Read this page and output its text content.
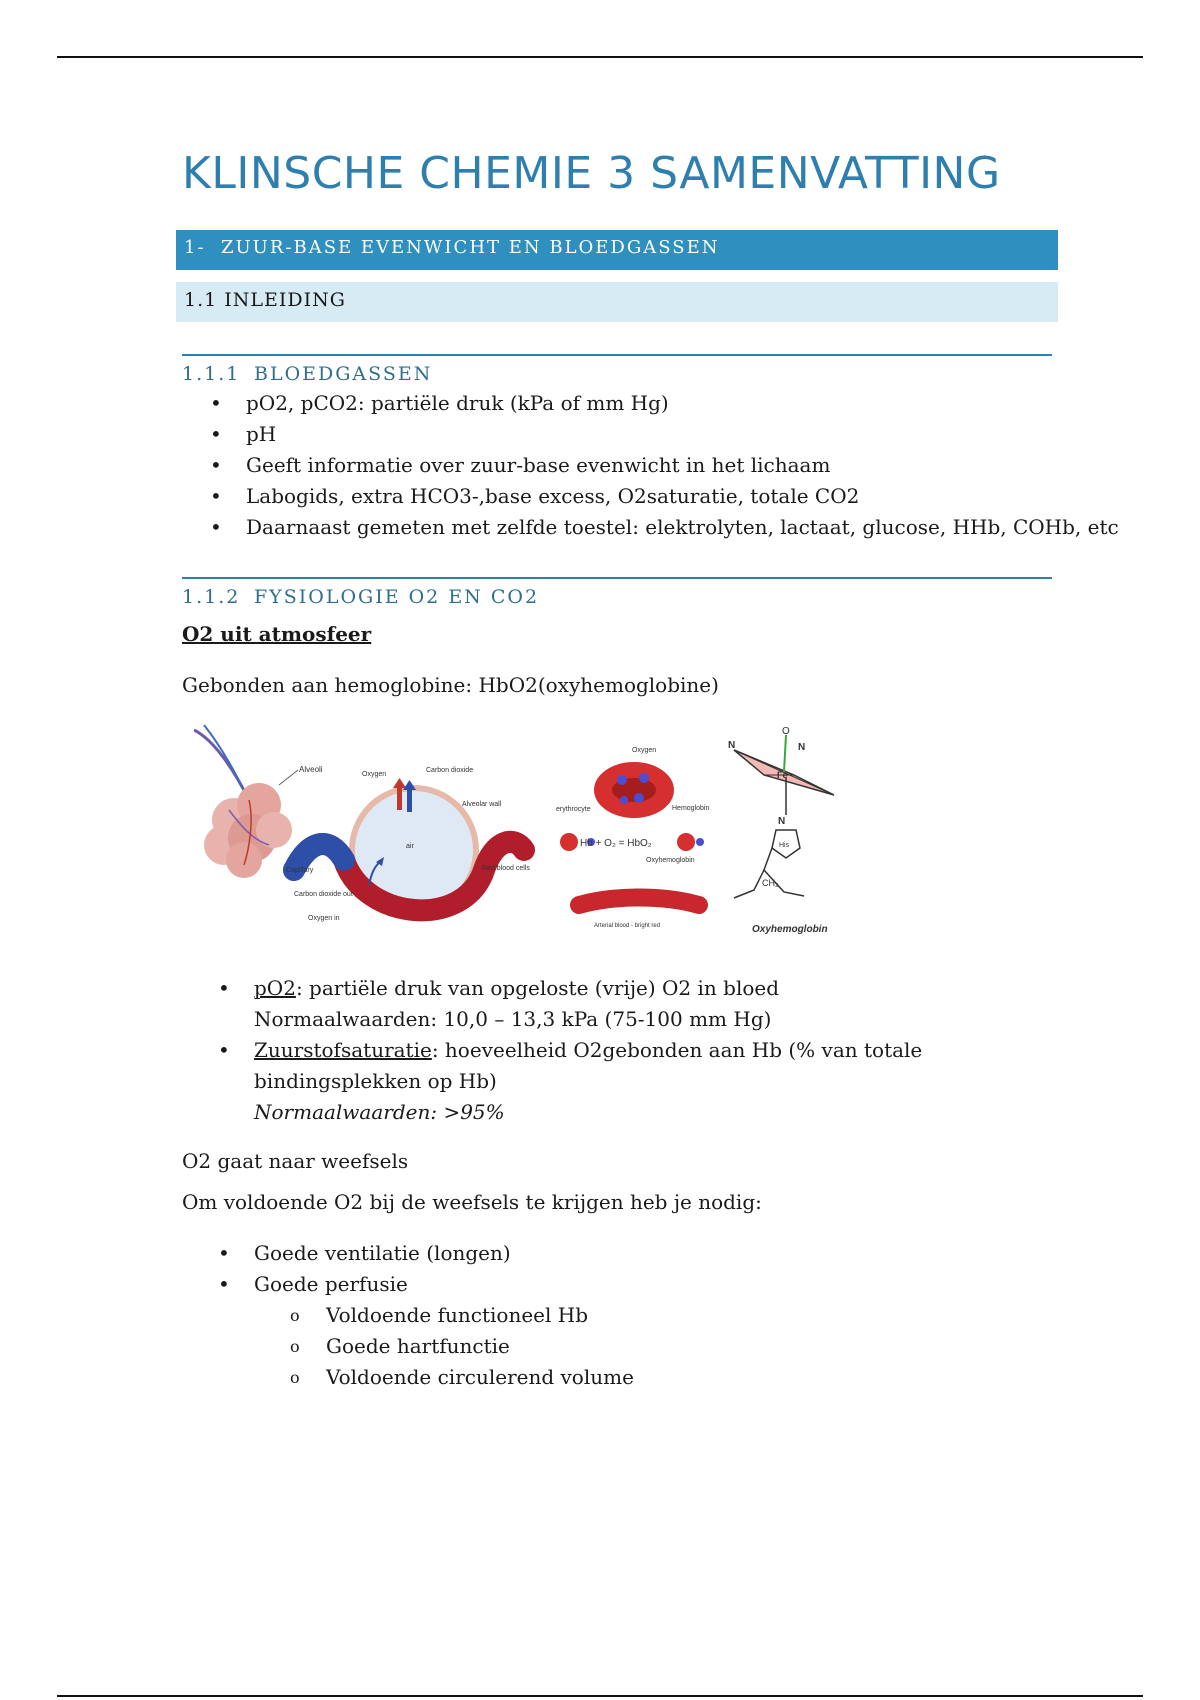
KLINSCHE CHEMIE 3 SAMENVATTING
1- ZUUR-BASE EVENWICHT EN BLOEDGASSEN
1.1 INLEIDING
1.1.1 BLOEDGASSEN
• pO2, pCO2: partiële druk (kPa of mm Hg)
• pH
• Geeft informatie over zuur-base evenwicht in het lichaam
• Labogids, extra HCO3-,base excess, O2saturatie, totale CO2
• Daarnaast gemeten met zelfde toestel: elektrolyten, lactaat, glucose, HHb, COHb, etc
1.1.2 FYSIOLOGIE O2 EN CO2

O2 uit atmosfeer

Gebonden aan hemoglobine: HbO2(oxyhemoglobine)

Alveoli
Oxygen
Carbon dioxide
Alveolar wall
air
Capillary	Red blood cells
Carbon dioxide out
Oxygen in
Oxygen
erythrocyte	Hemoglobin
Hb + O₂ = HbO₂
Oxyhemoglobin
Arterial blood - bright red
O
N	N
N
Fe
His
CH₂
Oxyhemoglobin
• pO2: partiële druk van opgeloste (vrije) O2 in bloed
Normaalwaarden: 10,0 – 13,3 kPa (75-100 mm Hg)
• Zuurstofsaturatie: hoeveelheid O2gebonden aan Hb (% van totale bindingsplekken op Hb)
Normaalwaarden: >95%

O2 gaat naar weefsels

Om voldoende O2 bij de weefsels te krijgen heb je nodig:

• Goede ventilatie (longen)
• Goede perfusie
o Voldoende functioneel Hb
o Goede hartfunctie
o Voldoende circulerend volume
